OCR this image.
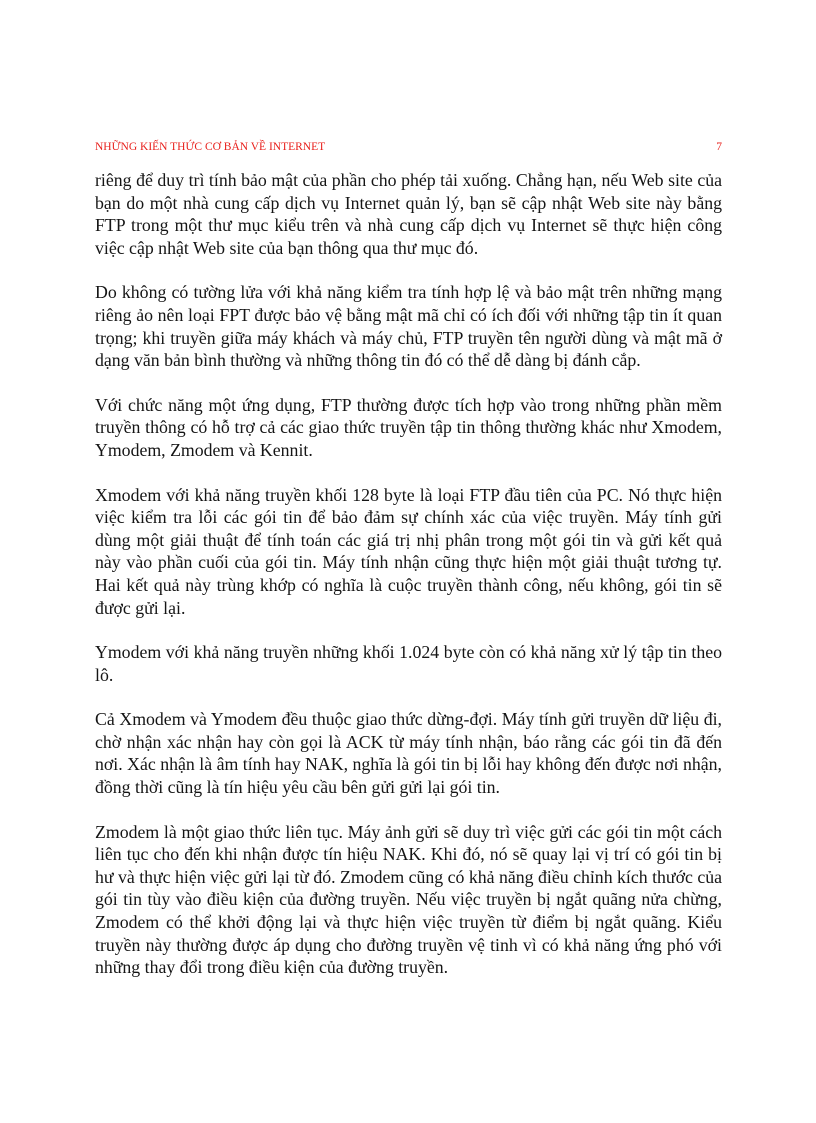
NHỮNG KIẾN THỨC CƠ BẢN VỀ INTERNET	7

riêng để duy trì tính bảo mật của phần cho phép tải xuống. Chẳng hạn, nếu Web site của bạn do một nhà cung cấp dịch vụ Internet quản lý, bạn sẽ cập nhật Web site này bằng FTP trong một thư mục kiểu trên và nhà cung cấp dịch vụ Internet sẽ thực hiện công việc cập nhật Web site của bạn thông qua thư mục đó.

Do không có tường lửa với khả năng kiểm tra tính hợp lệ và bảo mật trên những mạng riêng ảo nên loại FPT được bảo vệ bằng mật mã chỉ có ích đối với những tập tin ít quan trọng; khi truyền giữa máy khách và máy chủ, FTP truyền tên người dùng và mật mã ở dạng văn bản bình thường và những thông tin đó có thể dễ dàng bị đánh cắp.

Với chức năng một ứng dụng, FTP thường được tích hợp vào trong những phần mềm truyền thông có hỗ trợ cả các giao thức truyền tập tin thông thường khác như Xmodem, Ymodem, Zmodem và Kennit.

Xmodem với khả năng truyền khối 128 byte là loại FTP đầu tiên của PC. Nó thực hiện việc kiểm tra lỗi các gói tin để bảo đảm sự chính xác của việc truyền. Máy tính gửi dùng một giải thuật để tính toán các giá trị nhị phân trong một gói tin và gửi kết quả này vào phần cuối của gói tin. Máy tính nhận cũng thực hiện một giải thuật tương tự. Hai kết quả này trùng khớp có nghĩa là cuộc truyền thành công, nếu không, gói tin sẽ được gửi lại.

Ymodem với khả năng truyền những khối 1.024 byte còn có khả năng xử lý tập tin theo lô.

Cả Xmodem và Ymodem đều thuộc giao thức dừng-đợi. Máy tính gửi truyền dữ liệu đi, chờ nhận xác nhận hay còn gọi là ACK từ máy tính nhận, báo rằng các gói tin đã đến nơi. Xác nhận là âm tính hay NAK, nghĩa là gói tin bị lỗi hay không đến được nơi nhận, đồng thời cũng là tín hiệu yêu cầu bên gửi gửi lại gói tin.

Zmodem là một giao thức liên tục. Máy ảnh gửi sẽ duy trì việc gửi các gói tin một cách liên tục cho đến khi nhận được tín hiệu NAK. Khi đó, nó sẽ quay lại vị trí có gói tin bị hư và thực hiện việc gửi lại từ đó. Zmodem cũng có khả năng điều chỉnh kích thước của gói tin tùy vào điều kiện của đường truyền. Nếu việc truyền bị ngắt quãng nửa chừng, Zmodem có thể khởi động lại và thực hiện việc truyền từ điểm bị ngắt quãng. Kiểu truyền này thường được áp dụng cho đường truyền vệ tinh vì có khả năng ứng phó với những thay đổi trong điều kiện của đường truyền.
